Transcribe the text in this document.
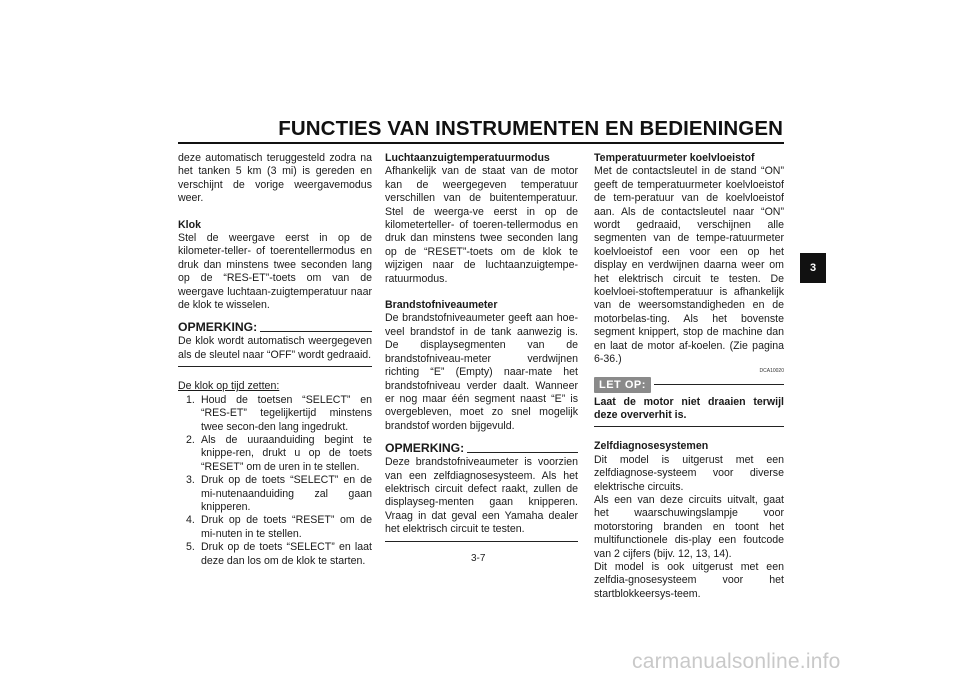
FUNCTIES VAN INSTRUMENTEN EN BEDIENINGEN

deze automatisch teruggesteld zodra na het tanken 5 km (3 mi) is gereden en verschijnt de vorige weergavemodus weer.

Klok

Stel de weergave eerst in op de kilometer-teller- of toerentellermodus en druk dan minstens twee seconden lang op de “RES-ET”-toets om van de weergave luchtaan-zuigtemperatuur naar de klok te wisselen.

OPMERKING:

De klok wordt automatisch weergegeven als de sleutel naar “OFF” wordt gedraaid.

De klok op tijd zetten:

1. Houd de toetsen “SELECT” en “RES-ET” tegelijkertijd minstens twee secon-den lang ingedrukt.
2. Als de uuraanduiding begint te knippe-ren, drukt u op de toets “RESET” om de uren in te stellen.
3. Druk op de toets “SELECT” en de mi-nutenaanduiding zal gaan knipperen.
4. Druk op de toets “RESET” om de mi-nuten in te stellen.
5. Druk op de toets “SELECT” en laat deze dan los om de klok te starten.

Luchtaanzuigtemperatuurmodus

Afhankelijk van de staat van de motor kan de weergegeven temperatuur verschillen van de buitentemperatuur. Stel de weerga-ve eerst in op de kilometerteller- of toeren-tellermodus en druk dan minstens twee seconden lang op de “RESET”-toets om de klok te wijzigen naar de luchtaanzuigtempe-ratuurmodus.

Brandstofniveaumeter

De brandstofniveaumeter geeft aan hoe-veel brandstof in de tank aanwezig is. De displaysegmenten van de brandstofniveau-meter verdwijnen richting “E” (Empty) naar-mate het brandstofniveau verder daalt. Wanneer er nog maar één segment naast “E” is overgebleven, moet zo snel mogelijk brandstof worden bijgevuld.

OPMERKING:

Deze brandstofniveaumeter is voorzien van een zelfdiagnosesysteem. Als het elektrisch circuit defect raakt, zullen de displayseg-menten gaan knipperen. Vraag in dat geval een Yamaha dealer het elektrisch circuit te testen.

Temperatuurmeter koelvloeistof

Met de contactsleutel in de stand “ON” geeft de temperatuurmeter koelvloeistof de tem-peratuur van de koelvloeistof aan. Als de contactsleutel naar “ON” wordt gedraaid, verschijnen alle segmenten van de tempe-ratuurmeter koelvloeistof een voor een op het display en verdwijnen daarna weer om het elektrisch circuit te testen. De koelvloei-stoftemperatuur is afhankelijk van de weersomstandigheden en de motorbelas-ting. Als het bovenste segment knippert, stop de machine dan en laat de motor af-koelen. (Zie pagina 6-36.)

DCA10020
LET OP:

Laat de motor niet draaien terwijl deze oververhit is.

Zelfdiagnosesystemen

Dit model is uitgerust met een zelfdiagnose-systeem voor diverse elektrische circuits.

Als een van deze circuits uitvalt, gaat het waarschuwingslampje voor motorstoring branden en toont het multifunctionele dis-play een foutcode van 2 cijfers (bijv. 12, 13, 14).

Dit model is ook uitgerust met een zelfdia-gnosesysteem voor het startblokkeersys-teem.

3
3-7
carmanualsonline.info
